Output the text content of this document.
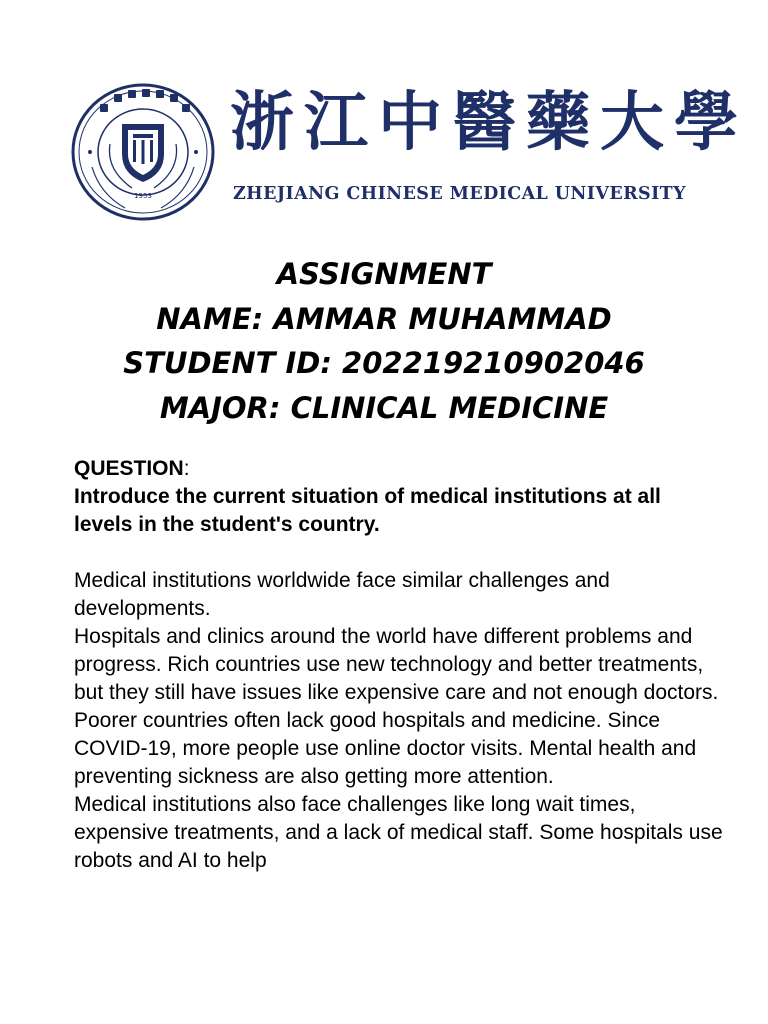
1953
浙江中醫藥大學
ZHEJIANG CHINESE MEDICAL UNIVERSITY
ASSIGNMENT
NAME: AMMAR MUHAMMAD
STUDENT ID: 202219210902046
MAJOR: CLINICAL MEDICINE
QUESTION:
Introduce the current situation of medical institutions at all levels in the student's country.

Medical institutions worldwide face similar challenges and developments.

Hospitals and clinics around the world have different problems and progress. Rich countries use new technology and better treatments, but they still have issues like expensive care and not enough doctors. Poorer countries often lack good hospitals and medicine. Since COVID-19, more people use online doctor visits. Mental health and preventing sickness are also getting more attention.

Medical institutions also face challenges like long wait times, expensive treatments, and a lack of medical staff. Some hospitals use robots and AI to help
